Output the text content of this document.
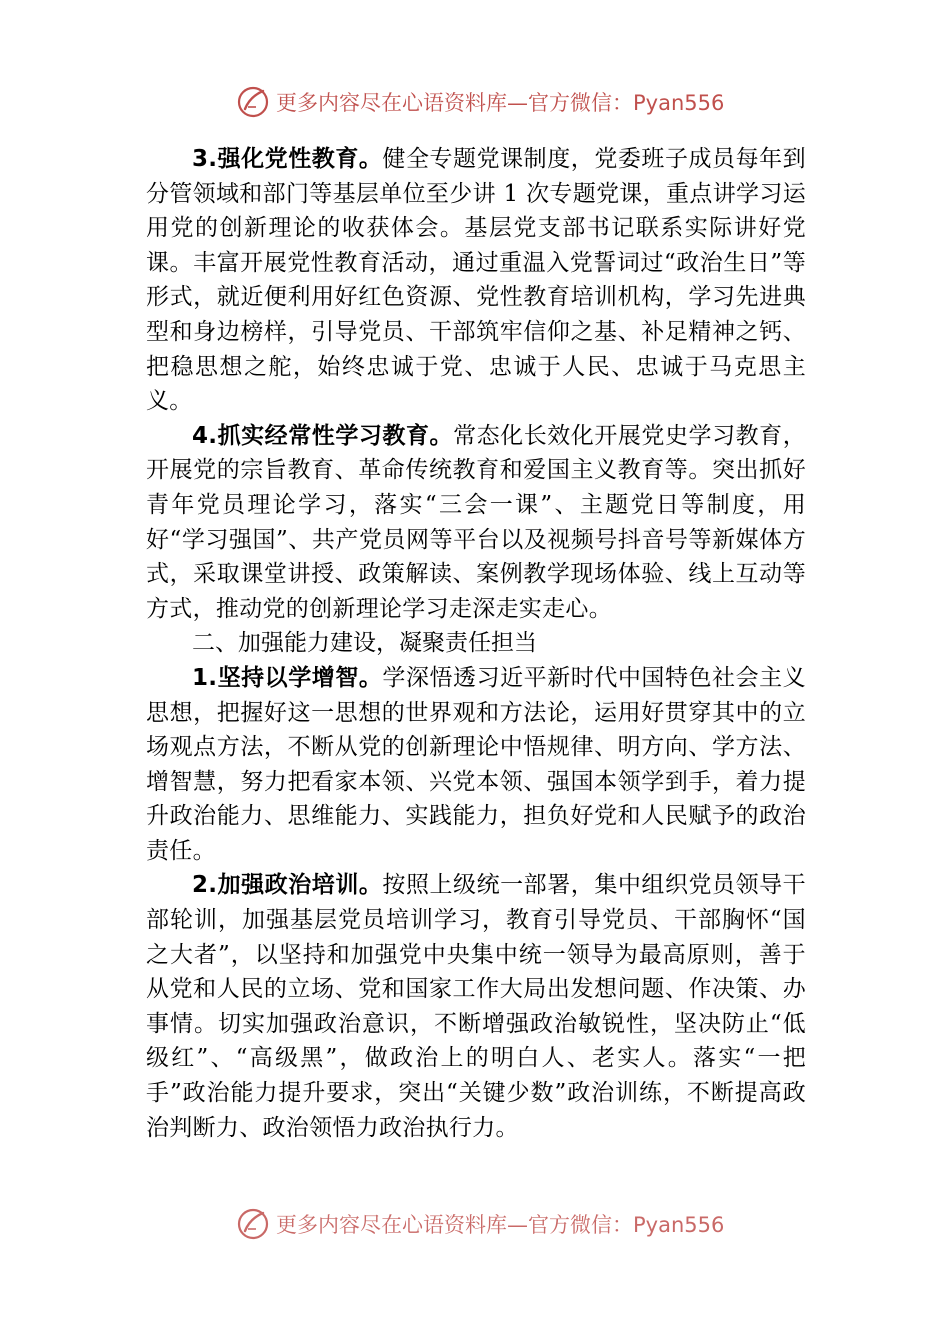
更多内容尽在心语资料库—官方微信：Pyan556

3.强化党性教育。健全专题党课制度，党委班子成员每年到分管领域和部门等基层单位至少讲 1 次专题党课，重点讲学习运用党的创新理论的收获体会。基层党支部书记联系实际讲好党课。丰富开展党性教育活动，通过重温入党誓词过“政治生日”等形式，就近便利用好红色资源、党性教育培训机构，学习先进典型和身边榜样，引导党员、干部筑牢信仰之基、补足精神之钙、把稳思想之舵，始终忠诚于党、忠诚于人民、忠诚于马克思主义。

4.抓实经常性学习教育。常态化长效化开展党史学习教育，开展党的宗旨教育、革命传统教育和爱国主义教育等。突出抓好青年党员理论学习，落实“三会一课”、主题党日等制度，用好“学习强国”、共产党员网等平台以及视频号抖音号等新媒体方式，采取课堂讲授、政策解读、案例教学现场体验、线上互动等方式，推动党的创新理论学习走深走实走心。

二、加强能力建设，凝聚责任担当

1.坚持以学增智。学深悟透习近平新时代中国特色社会主义思想，把握好这一思想的世界观和方法论，运用好贯穿其中的立场观点方法，不断从党的创新理论中悟规律、明方向、学方法、增智慧，努力把看家本领、兴党本领、强国本领学到手，着力提升政治能力、思维能力、实践能力，担负好党和人民赋予的政治责任。

2.加强政治培训。按照上级统一部署，集中组织党员领导干部轮训，加强基层党员培训学习，教育引导党员、干部胸怀“国之大者”，以坚持和加强党中央集中统一领导为最高原则，善于从党和人民的立场、党和国家工作大局出发想问题、作决策、办事情。切实加强政治意识，不断增强政治敏锐性，坚决防止“低级红”、“高级黑”，做政治上的明白人、老实人。落实“一把手”政治能力提升要求，突出“关键少数”政治训练，不断提高政治判断力、政治领悟力政治执行力。

更多内容尽在心语资料库—官方微信：Pyan556
